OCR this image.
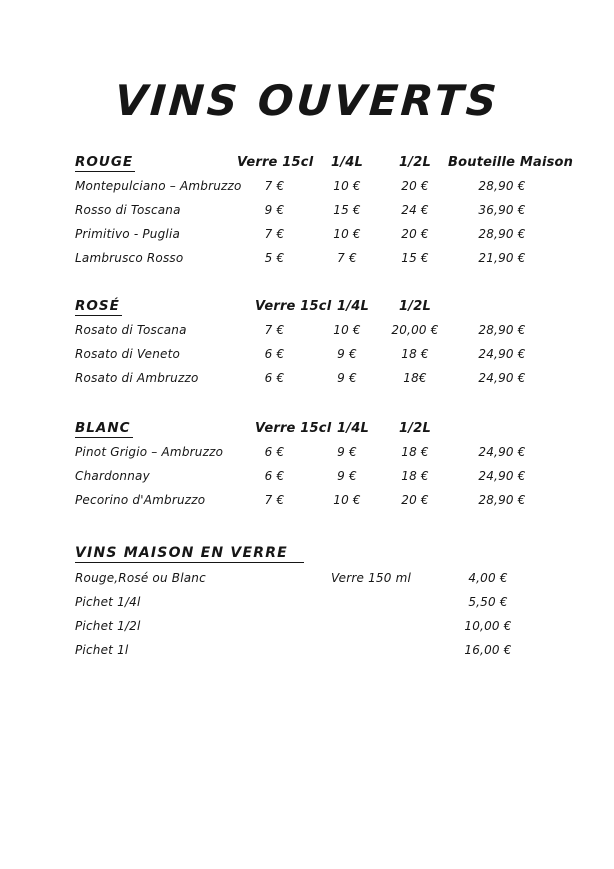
VINS OUVERTS
ROUGE	Verre 15cl	1/4L	1/2L	Bouteille Maison
Montepulciano – Ambruzzo	7 €	10 €	20 €	28,90 €
Rosso di Toscana	9 €	15 €	24 €	36,90 €
Primitivo - Puglia	7 €	10 €	20 €	28,90 €
Lambrusco Rosso	5 €	7 €	15 €	21,90 €
ROSÉ	Verre 15cl 1/4L	1/2L
Rosato di Toscana	7 €	10 €	20,00 €	28,90 €
Rosato di Veneto	6 €	9 €	18 €	24,90 €
Rosato di Ambruzzo	6 €	9 €	18€	24,90 €
BLANC	Verre 15cl 1/4L	1/2L
Pinot Grigio – Ambruzzo	6 €	9 €	18 €	24,90 €
Chardonnay	6 €	9 €	18 €	24,90 €
Pecorino d'Ambruzzo	7 €	10 €	20 €	28,90 €
VINS MAISON EN VERRE
Rouge,Rosé ou Blanc	Verre 150 ml	4,00 €
Pichet 1/4l	5,50 €
Pichet 1/2l	10,00 €
Pichet 1l	16,00 €
